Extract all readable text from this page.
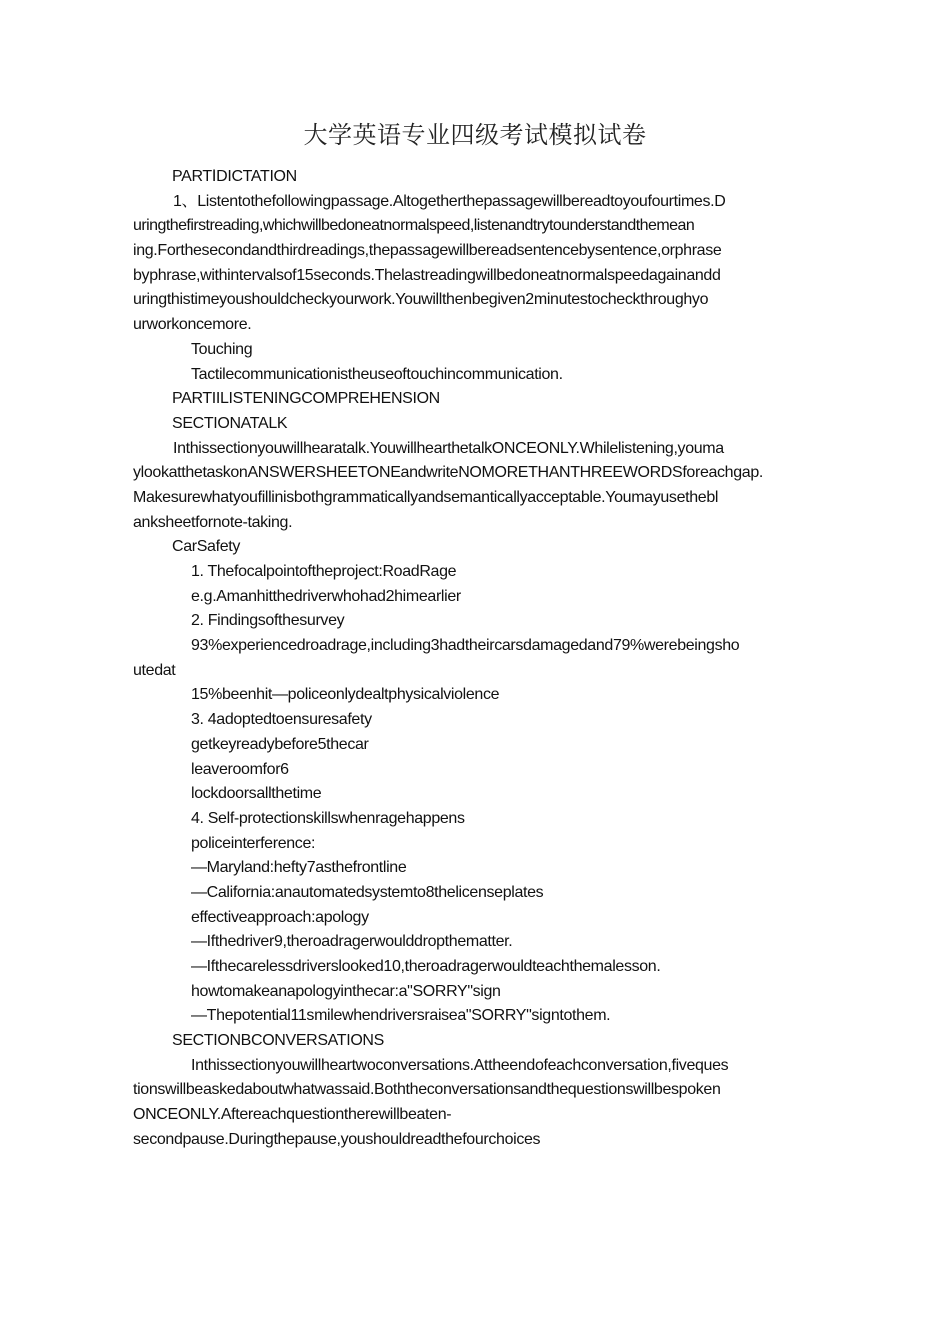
大学英语专业四级考试模拟试卷
PARTⅠDICTATION
1、Listentothefollowingpassage.Altogetherthepassagewillbereadtoyoufourtimes.D
uringthefirstreading,whichwillbedoneatnormalspeed,listenandtrytounderstandthemean
ing.Forthesecondandthirdreadings,thepassagewillbereadsentencebysentence,orphrase
byphrase,withintervalsof15seconds.Thelastreadingwillbedoneatnormalspeedagainandd
uringthistimeyoushouldcheckyourwork.Youwillthenbegiven2minutestocheckthroughyo
urworkoncemore.
Touching
Tactilecommunicationistheuseoftouchincommunication.
PARTIILISTENINGCOMPREHENSION
SECTIONATALK
Inthissectionyouwillhearatalk.YouwillhearthetalkONCEONLY.Whilelistening,youma
ylookatthetaskonANSWERSHEETONEandwriteNOMORETHANTHREEWORDSforeachgap.
Makesurewhatyoufillinisbothgrammaticallyandsemanticallyacceptable.Youmayusethebl
anksheetfornote-taking.
CarSafety
1. Thefocalpointoftheproject:RoadRage
e.g.Amanhitthedriverwhohad2himearlier
2. Findingsofthesurvey
93%experiencedroadrage,including3hadtheircarsdamagedand79%werebeingsho
utedat
15%beenhit—policeonlydealtphysicalviolence
3. 4adoptedtoensuresafety
getkeyreadybefore5thecar
leaveroomfor6
lockdoorsallthetime
4. Self-protectionskillswhenragehappens
policeinterference:
—Maryland:hefty7asthefrontline
—California:anautomatedsystemto8thelicenseplates
effectiveapproach:apology
—Ifthedriver9,theroadragerwoulddropthematter.
—Ifthecarelessdriverslooked10,theroadragerwouldteachthemalesson.
howtomakeanapologyinthecar:a"SORRY"sign
—Thepotential11smilewhendriversraisea"SORRY"signtothem.
SECTIONBCONVERSATIONS
Inthissectionyouwillheartwoconversations.Attheendofeachconversation,fiveques
tionswillbeaskedaboutwhatwassaid.Boththeconversationsandthequestionswillbespoken
ONCEONLY.Aftereachquestiontherewillbeaten-
secondpause.Duringthepause,youshouldreadthefourchoices
